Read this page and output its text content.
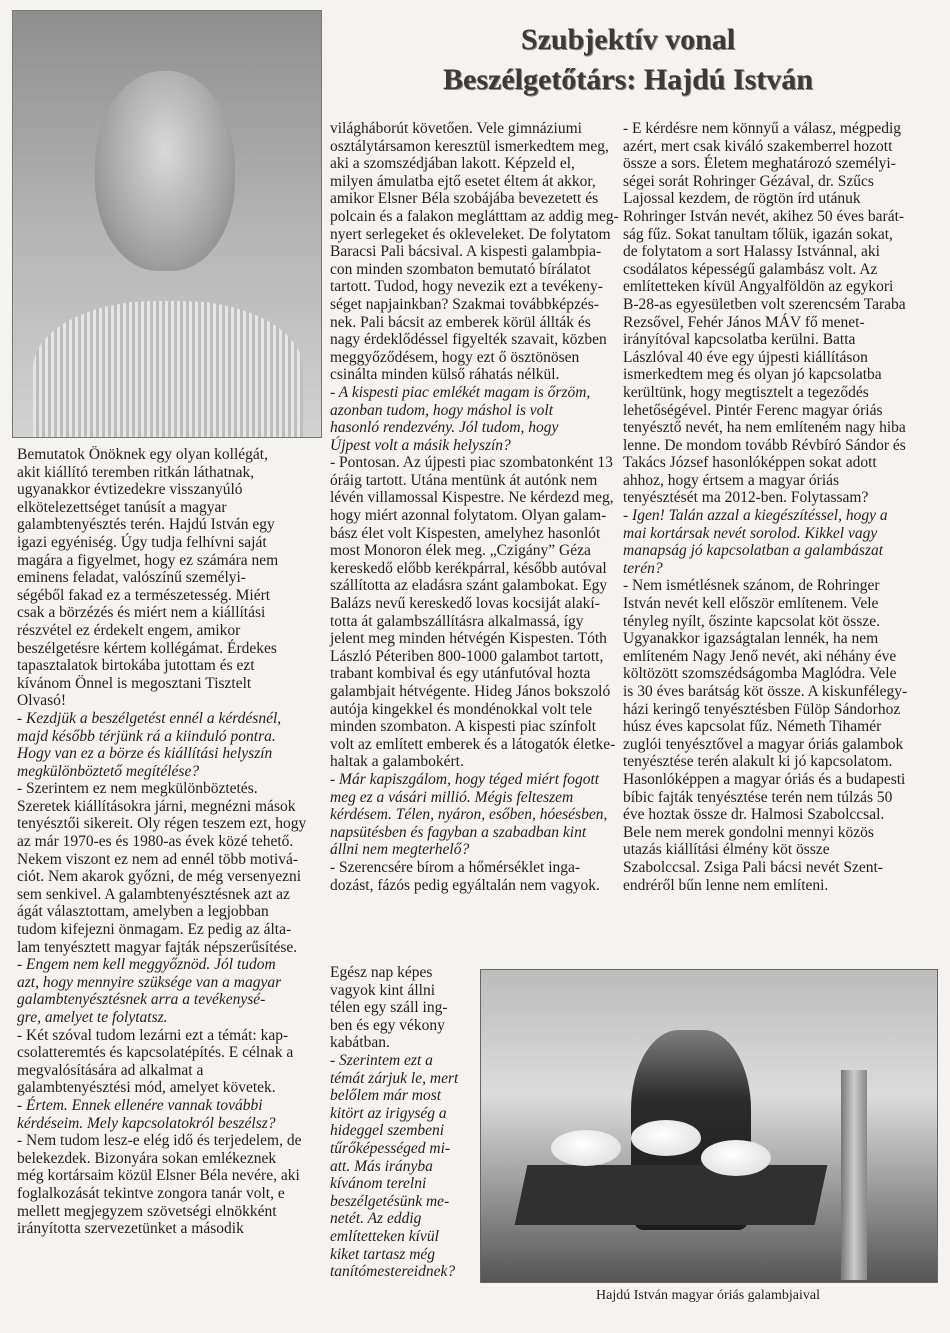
Szubjektív vonal
Beszélgetőtárs: Hajdú István
Hajdú István magyar óriás galambjaival
Bemutatok Önöknek egy olyan kollégát,
akit kiállító teremben ritkán láthatnak,
ugyanakkor évtizedekre visszanyúló
elkötelezettséget tanúsít a magyar
galambtenyésztés terén. Hajdú István egy
igazi egyéniség. Úgy tudja felhívni saját
magára a figyelmet, hogy ez számára nem
eminens feladat, valószínű személyi-
ségéből fakad ez a természetesség. Miért
csak a börzézés és miért nem a kiállítási
részvétel ez érdekelt engem, amikor
beszélgetésre kértem kollégámat. Érdekes
tapasztalatok birtokába jutottam és ezt
kívánom Önnel is megosztani Tisztelt
Olvasó!
- Kezdjük a beszélgetést ennél a kérdésnél,
majd később térjünk rá a kiinduló pontra.
Hogy van ez a börze és kiállítási helyszín
megkülönböztető megítélése?
- Szerintem ez nem megkülönböztetés.
Szeretek kiállításokra járni, megnézni mások
tenyésztői sikereit. Oly régen teszem ezt, hogy
az már 1970-es és 1980-as évek közé tehető.
Nekem viszont ez nem ad ennél több motivá-
ciót. Nem akarok győzni, de még versenyezni
sem senkivel. A galambtenyésztésnek azt az
ágát választottam, amelyben a legjobban
tudom kifejezni önmagam. Ez pedig az álta-
lam tenyésztett magyar fajták népszerűsítése.
- Engem nem kell meggyőznöd. Jól tudom
azt, hogy mennyire szüksége van a magyar
galambtenyésztésnek arra a tevékenysé-
gre, amelyet te folytatsz.
- Két szóval tudom lezárni ezt a témát: kap-
csolatteremtés és kapcsolatépítés. E célnak a
megvalósítására ad alkalmat a
galambtenyésztési mód, amelyet követek.
- Értem. Ennek ellenére vannak további
kérdéseim. Mely kapcsolatokról beszélsz?
- Nem tudom lesz-e elég idő és terjedelem, de
belekezdek. Bizonyára sokan emlékeznek
még kortársaim közül Elsner Béla nevére, aki
foglalkozását tekintve zongora tanár volt, e
mellett megjegyzem szövetségi elnökként
irányította szervezetünket a második
világháborút követően. Vele gimnáziumi
osztálytársamon keresztül ismerkedtem meg,
aki a szomszédjában lakott. Képzeld el,
milyen ámulatba ejtő esetet éltem át akkor,
amikor Elsner Béla szobájába bevezetett és
polcain és a falakon meglátttam az addig meg-
nyert serlegeket és okleveleket. De folytatom
Baracsi Pali bácsival. A kispesti galambpia-
con minden szombaton bemutató bírálatot
tartott. Tudod, hogy nevezik ezt a tevékeny-
séget napjainkban? Szakmai továbbképzés-
nek. Pali bácsit az emberek körül állták és
nagy érdeklődéssel figyelték szavait, közben
meggyőződésem, hogy ezt ő ösztönösen
csinálta minden külső ráhatás nélkül.
- A kispesti piac emlékét magam is őrzöm,
azonban tudom, hogy máshol is volt
hasonló rendezvény. Jól tudom, hogy
Újpest volt a másik helyszín?
- Pontosan. Az újpesti piac szombatonként 13
óráig tartott. Utána mentünk át autónk nem
lévén villamossal Kispestre. Ne kérdezd meg,
hogy miért azonnal folytatom. Olyan galam-
bász élet volt Kispesten, amelyhez hasonlót
most Monoron élek meg. „Czigány” Géza
kereskedő előbb kerékpárral, később autóval
szállította az eladásra szánt galambokat. Egy
Balázs nevű kereskedő lovas kocsiját alakí-
totta át galambszállításra alkalmassá, így
jelent meg minden hétvégén Kispesten. Tóth
László Péteriben 800-1000 galambot tartott,
trabant kombival és egy utánfutóval hozta
galambjait hétvégente. Hideg János bokszoló
autója kingekkel és mondénokkal volt tele
minden szombaton. A kispesti piac színfolt
volt az említett emberek és a látogatók életke-
haltak a galambokért.
- Már kapiszgálom, hogy téged miért fogott
meg ez a vásári millió. Mégis felteszem
kérdésem. Télen, nyáron, esőben, hóesésben,
napsütésben és fagyban a szabadban kint
állni nem megterhelő?
- Szerencsére bírom a hőmérséklet inga-
dozást, fázós pedig egyáltalán nem vagyok.
Egész nap képes
vagyok kint állni
télen egy száll ing-
ben és egy vékony
kabátban.
- Szerintem ezt a
témát zárjuk le, mert
belőlem már most
kitört az irigység a
hideggel szembeni
tűrőképességed mi-
att. Más irányba
kívánom terelni
beszélgetésünk me-
netét. Az eddig
említetteken kívül
kiket tartasz még
tanítómestereidnek?
- E kérdésre nem könnyű a válasz, mégpedig
azért, mert csak kiváló szakemberrel hozott
össze a sors. Életem meghatározó személyi-
ségei sorát Rohringer Gézával, dr. Szűcs
Lajossal kezdem, de rögtön írd utánuk
Rohringer István nevét, akihez 50 éves barát-
ság fűz. Sokat tanultam tőlük, igazán sokat,
de folytatom a sort Halassy Istvánnal, aki
csodálatos képességű galambász volt. Az
említetteken kívül Angyalföldön az egykori
B-28-as egyesületben volt szerencsém Taraba
Rezsővel, Fehér János MÁV fő menet-
irányítóval kapcsolatba kerülni. Batta
Lászlóval 40 éve egy újpesti kiállításon
ismerkedtem meg és olyan jó kapcsolatba
kerültünk, hogy megtisztelt a tegeződés
lehetőségével. Pintér Ferenc magyar óriás
tenyésztő nevét, ha nem említeném nagy hiba
lenne. De mondom tovább Révbíró Sándor és
Takács József hasonlóképpen sokat adott
ahhoz, hogy értsem a magyar óriás
tenyésztését ma 2012-ben. Folytassam?
- Igen! Talán azzal a kiegészítéssel, hogy a
mai kortársak nevét sorolod. Kikkel vagy
manapság jó kapcsolatban a galambászat
terén?
- Nem ismétlésnek szánom, de Rohringer
István nevét kell először említenem. Vele
tényleg nyílt, őszinte kapcsolat köt össze.
Ugyanakkor igazságtalan lennék, ha nem
említeném Nagy Jenő nevét, aki néhány éve
költözött szomszédságomba Maglódra. Vele
is 30 éves barátság köt össze. A kiskunfélegy-
házi keringő tenyésztésben Fülöp Sándorhoz
húsz éves kapcsolat fűz. Németh Tihamér
zuglói tenyésztővel a magyar óriás galambok
tenyésztése terén alakult ki jó kapcsolatom.
Hasonlóképpen a magyar óriás és a budapesti
bíbic fajták tenyésztése terén nem túlzás 50
éve hoztak össze dr. Halmosi Szabolccsal.
Bele nem merek gondolni mennyi közös
utazás kiállítási élmény köt össze
Szabolccsal. Zsiga Pali bácsi nevét Szent-
endréről bűn lenne nem említeni.
